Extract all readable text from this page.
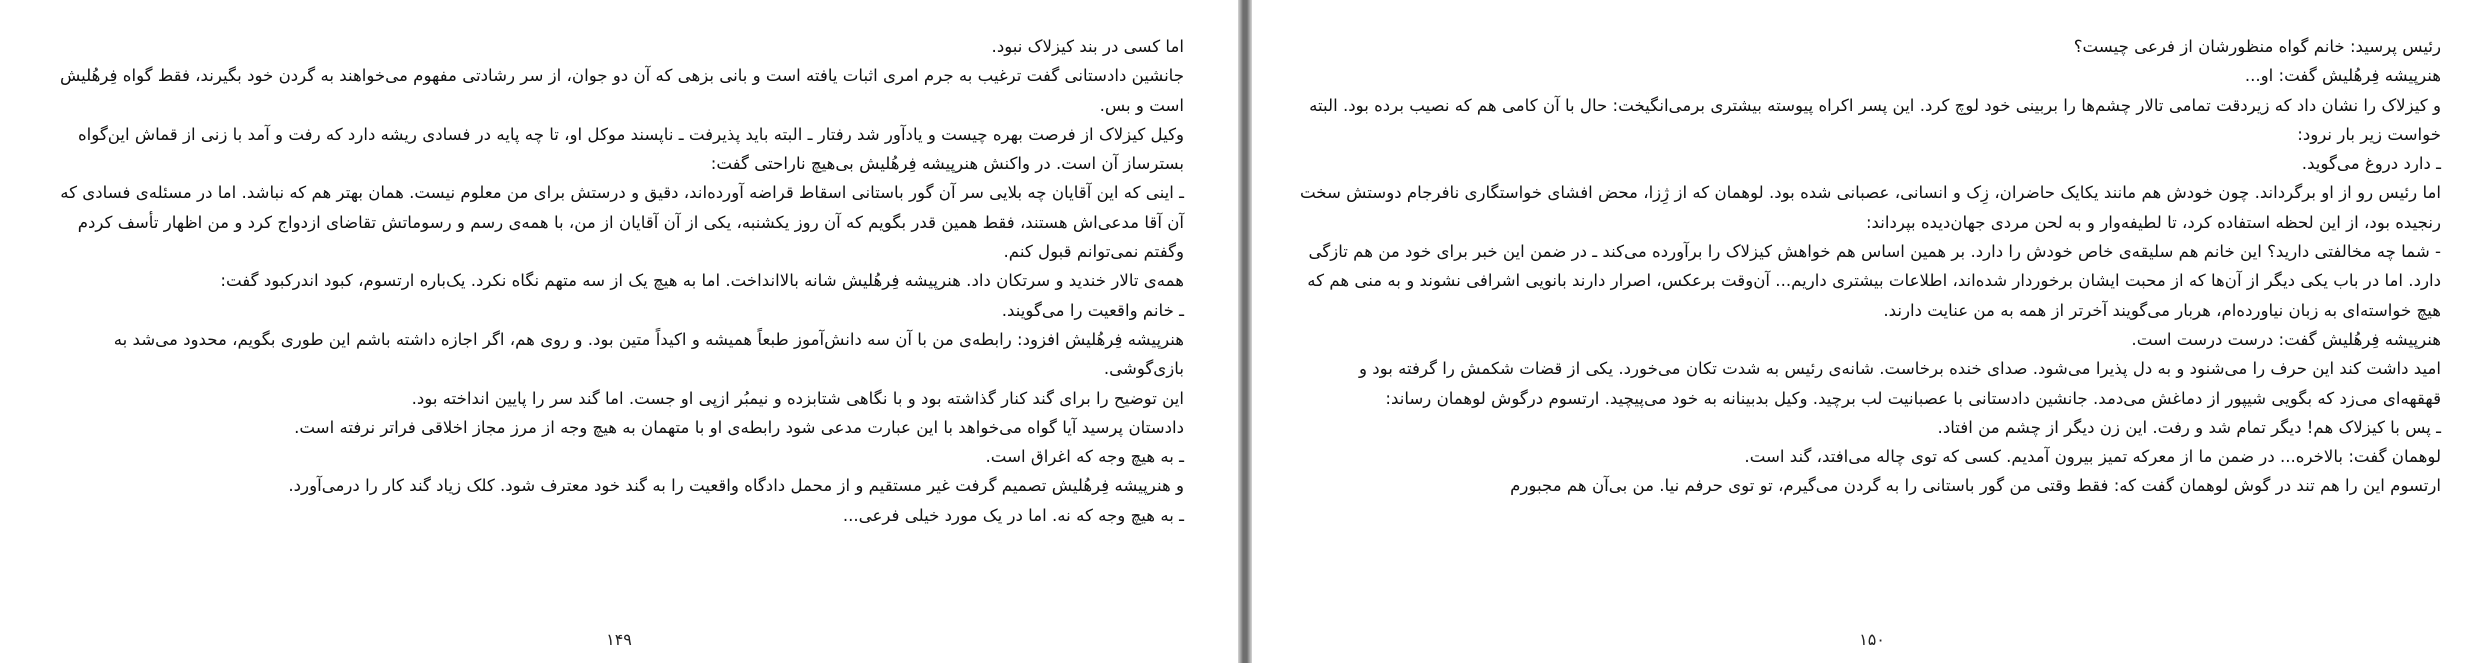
اما کسی در بند کیزلاک نبود.

جانشین دادستانی گفت ترغیب به جرم امری اثبات یافته است و بانی بزهی که آن دو جوان، از سر رشادتی مفهوم می‌خواهند به گردن خود بگیرند، فقط گواه فِرهُلیش است و بس.

وکیل کیزلاک از فرصت بهره چیست و یادآور شد رفتار ـ البته باید پذیرفت ـ ناپسند موکل او، تا چه پایه در فسادی ریشه دارد که رفت و آمد با زنی از قماش این‌گواه بسترساز آن است. در واکنش هنرپیشه فِرهُلیش بی‌هیچ ناراحتی گفت:

ـ اینی که این آقایان چه بلایی سر آن گور باستانی اسقاط قراضه آورده‌اند، دقیق و درستش برای من معلوم نیست. همان بهتر هم که نباشد. اما در مسئله‌ی فسادی که آن آقا مدعی‌اش هستند، فقط همین قدر بگویم که آن روز یکشنبه، یکی از آن آقایان از من، با همه‌ی رسم و رسوماتش تقاضای ازدواج کرد و من اظهار تأسف کردم وگفتم نمی‌توانم قبول کنم.

همه‌ی تالار خندید و سرتکان داد. هنرپیشه فِرهُلیش شانه بالاانداخت. اما به هیچ یک از سه متهم نگاه نکرد. یک‌باره ارتسوم، کبود اندرکبود گفت:

ـ خانم واقعیت را می‌گویند.

هنرپیشه فِرهُلیش افزود: رابطه‌ی من با آن سه دانش‌آموز طبعاً همیشه و اکیداً متین بود. و روی هم، اگر اجازه داشته باشم این طوری بگویم، محدود می‌شد به بازی‌گوشی.

این توضیح را برای گند کنار گذاشته بود و با نگاهی شتابزده و نیمبُر ازپی او جست. اما گند سر را پایین انداخته بود.

دادستان پرسید آیا گواه می‌خواهد با این عبارت مدعی شود رابطه‌ی او با متهمان به هیچ وجه از مرز مجاز اخلاقی فراتر نرفته است.

ـ به هیچ وجه که اغراق است.

و هنرپیشه فِرهُلیش تصمیم گرفت غیر مستقیم و از محمل دادگاه واقعیت را به گند خود معترف شود. کلک زیاد گند کار را درمی‌آورد.

ـ به هیچ وجه که نه. اما در یک مورد خیلی فرعی...

۱۴۹

رئیس پرسید: خانم گواه منظورشان از فرعی چیست؟

هنرپیشه فِرهُلیش گفت: او...

و کیزلاک را نشان داد که زیردقت تمامی تالار چشم‌ها را بربینی خود لوچ کرد. این پسر اکراه پیوسته بیشتری برمی‌انگیخت: حال با آن کامی هم که نصیب برده بود. البته خواست زیر بار نرود:

ـ دارد دروغ می‌گوید.

اما رئیس رو از او برگرداند. چون خودش هم مانند یکایک حاضران، زِک و انسانی، عصبانی شده بود. لوهمان که از ژِزا، محض افشای خواستگاری نافرجام دوستش سخت رنجیده بود، از این لحظه استفاده کرد، تا لطیفه‌وار و به لحن مردی جهان‌دیده بپرداند:

- شما چه مخالفتی دارید؟ این خانم هم سلیقه‌ی خاص خودش را دارد. بر همین اساس هم خواهش کیزلاک را برآورده می‌کند ـ در ضمن این خبر برای خود من هم تازگی دارد. اما در باب یکی دیگر از آن‌ها که از محبت ایشان برخوردار شده‌اند، اطلاعات بیشتری داریم... آن‌وقت برعکس، اصرار دارند بانویی اشرافی نشوند و به منی هم که هیچ خواسته‌ای به زبان نیاورده‌ام، هربار می‌گویند آخرتر از همه به من عنایت دارند.

هنرپیشه فِرهُلیش گفت: درست درست است.

امید داشت کند این حرف را می‌شنود و به دل پذیرا می‌شود. صدای خنده برخاست. شانه‌ی رئیس به شدت تکان می‌خورد. یکی از قضات شکمش را گرفته بود و قهقهه‌ای می‌زد که بگویی شیپور از دماغش می‌دمد. جانشین دادستانی با عصبانیت لب برچید. وکیل بدبینانه به خود می‌پیچید. ارتسوم درگوش لوهمان رساند:

ـ پس با کیزلاک هم! دیگر تمام شد و رفت. این زن دیگر از چشم من افتاد.

لوهمان گفت: بالاخره... در ضمن ما از معرکه تمیز بیرون آمدیم. کسی که توی چاله می‌افتد، گند است.

ارتسوم این را هم تند در گوش لوهمان گفت که: فقط وقتی من گور باستانی را به گردن می‌گیرم، تو توی حرفم نیا. من بی‌آن هم مجبورم

۱۵۰
